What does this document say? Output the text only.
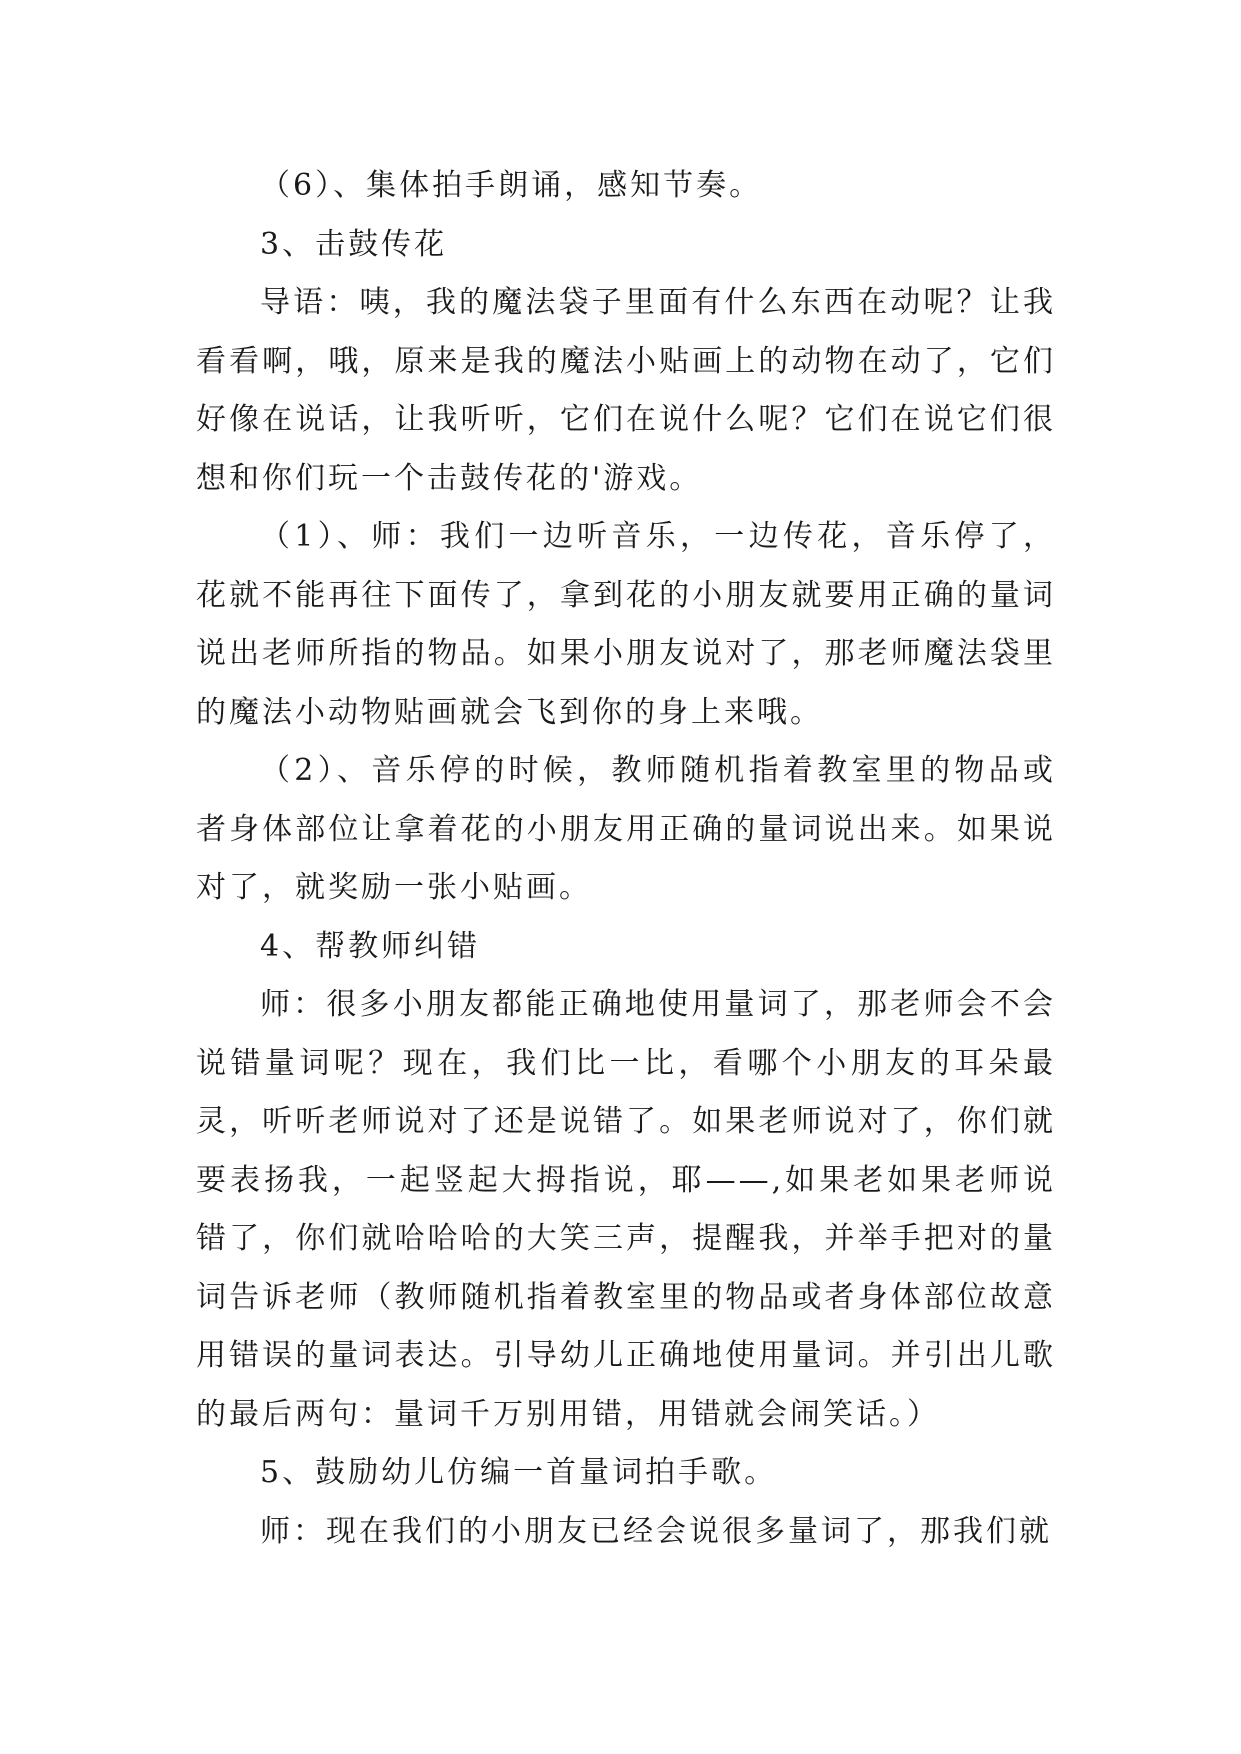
（6）、集体拍手朗诵，感知节奏。

3、击鼓传花

导语：咦，我的魔法袋子里面有什么东西在动呢？让我看看啊，哦，原来是我的魔法小贴画上的动物在动了，它们好像在说话，让我听听，它们在说什么呢？它们在说它们很想和你们玩一个击鼓传花的'游戏。

（1）、师：我们一边听音乐，一边传花，音乐停了，花就不能再往下面传了，拿到花的小朋友就要用正确的量词说出老师所指的物品。如果小朋友说对了，那老师魔法袋里的魔法小动物贴画就会飞到你的身上来哦。

（2）、音乐停的时候，教师随机指着教室里的物品或者身体部位让拿着花的小朋友用正确的量词说出来。如果说对了，就奖励一张小贴画。

4、帮教师纠错

师：很多小朋友都能正确地使用量词了，那老师会不会说错量词呢？现在，我们比一比，看哪个小朋友的耳朵最灵，听听老师说对了还是说错了。如果老师说对了，你们就要表扬我，一起竖起大拇指说，耶——,如果老如果老师说错了，你们就哈哈哈的大笑三声，提醒我，并举手把对的量词告诉老师（教师随机指着教室里的物品或者身体部位故意用错误的量词表达。引导幼儿正确地使用量词。并引出儿歌的最后两句：量词千万别用错，用错就会闹笑话。）

5、鼓励幼儿仿编一首量词拍手歌。

师：现在我们的小朋友已经会说很多量词了，那我们就
